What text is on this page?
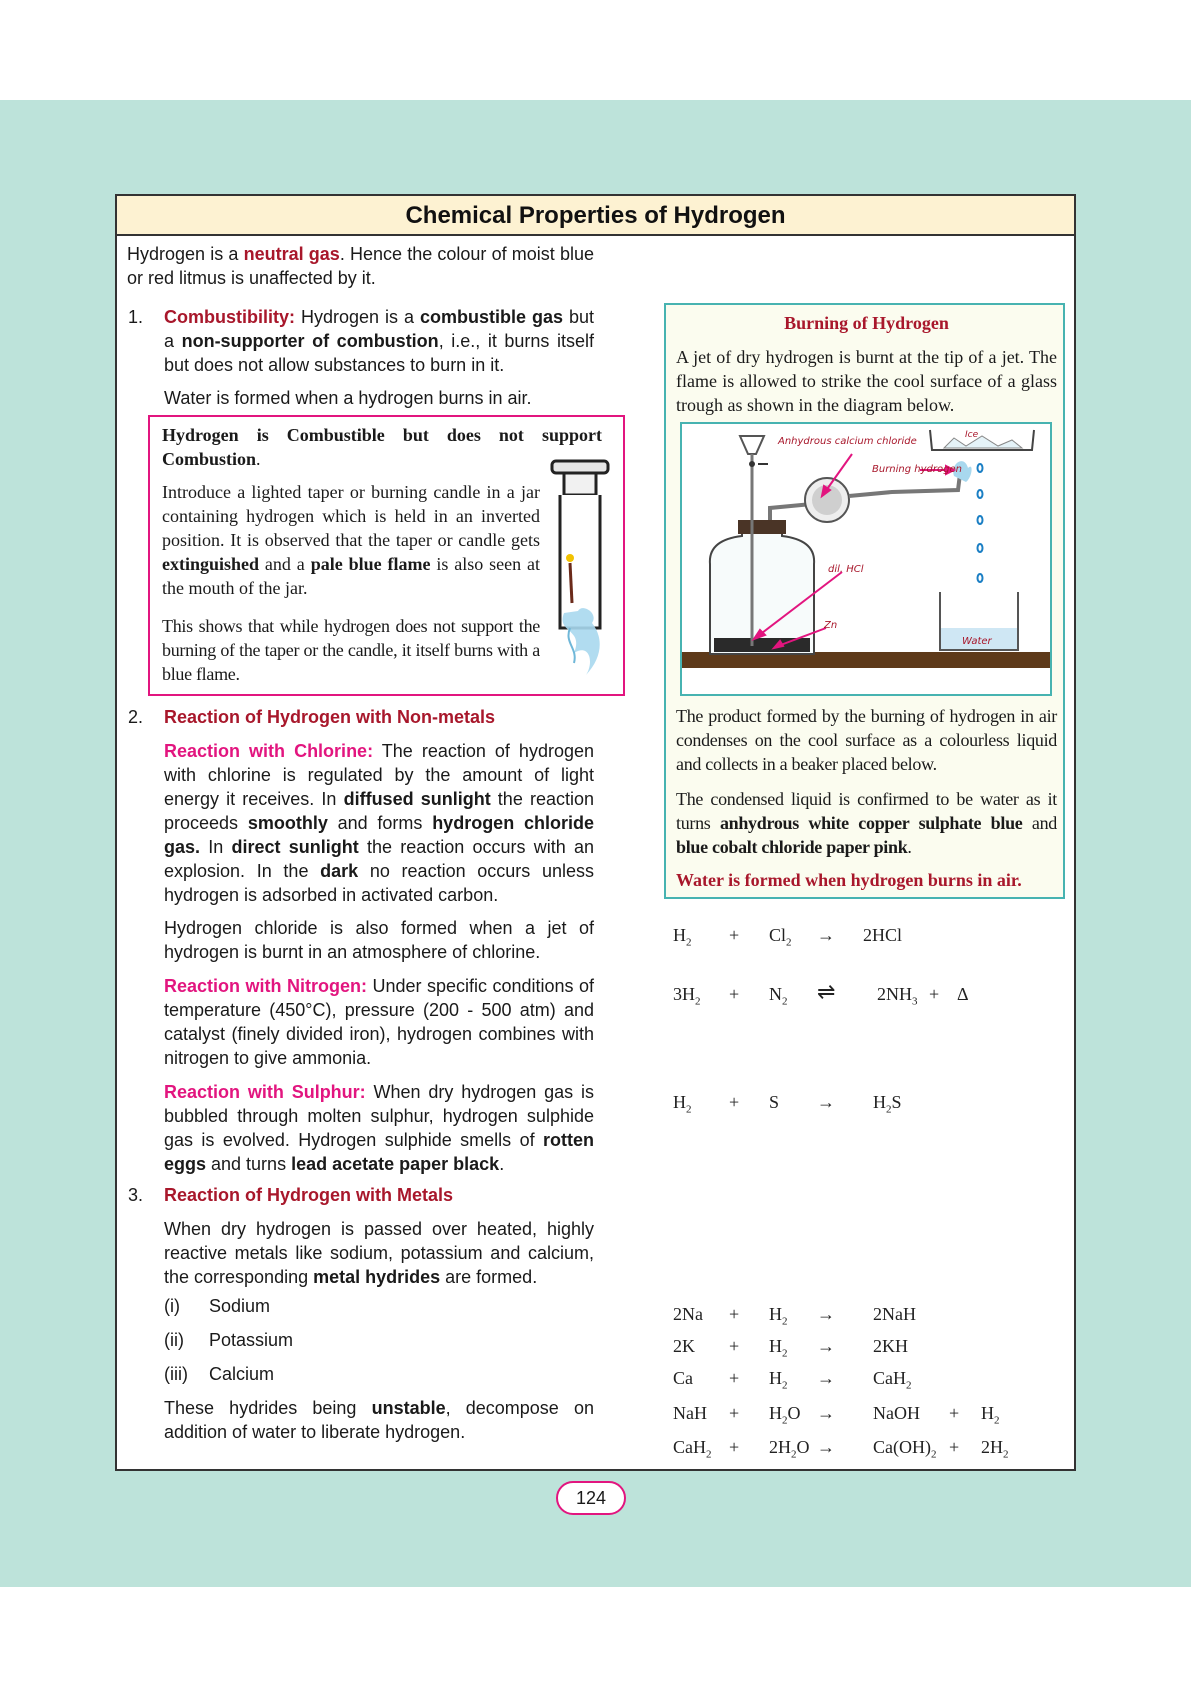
Chemical Properties of Hydrogen
Hydrogen is a neutral gas. Hence the colour of moist blue or red litmus is unaffected by it.
1. Combustibility: Hydrogen is a combustible gas but a non-supporter of combustion, i.e., it burns itself but does not allow substances to burn in it.
Water is formed when a hydrogen burns in air.
Hydrogen is Combustible but does not support Combustion.
Introduce a lighted taper or burning candle in a jar containing hydrogen which is held in an inverted position. It is observed that the taper or candle gets extinguished and a pale blue flame is also seen at the mouth of the jar.
This shows that while hydrogen does not support the burning of the taper or the candle, it itself burns with a blue flame.
2. Reaction of Hydrogen with Non-metals
Reaction with Chlorine: The reaction of hydrogen with chlorine is regulated by the amount of light energy it receives. In diffused sunlight the reaction proceeds smoothly and forms hydrogen chloride gas. In direct sunlight the reaction occurs with an explosion. In the dark no reaction occurs unless hydrogen is adsorbed in activated carbon.
Hydrogen chloride is also formed when a jet of hydrogen is burnt in an atmosphere of chlorine.
Reaction with Nitrogen: Under specific conditions of temperature (450°C), pressure (200 - 500 atm) and catalyst (finely divided iron), hydrogen combines with nitrogen to give ammonia.
Reaction with Sulphur: When dry hydrogen gas is bubbled through molten sulphur, hydrogen sulphide gas is evolved. Hydrogen sulphide smells of rotten eggs and turns lead acetate paper black.
3. Reaction of Hydrogen with Metals
When dry hydrogen is passed over heated, highly reactive metals like sodium, potassium and calcium, the corresponding metal hydrides are formed.
(i) Sodium
(ii) Potassium
(iii) Calcium
These hydrides being unstable, decompose on addition of water to liberate hydrogen.
Burning of Hydrogen
A jet of dry hydrogen is burnt at the tip of a jet. The flame is allowed to strike the cool surface of a glass trough as shown in the diagram below.
Ice
Anhydrous calcium chloride
Burning hydrogen
dil. HCl
Zn
Water
The product formed by the burning of hydrogen in air condenses on the cool surface as a colourless liquid and collects in a beaker placed below.
The condensed liquid is confirmed to be water as it turns anhydrous white copper sulphate blue and blue cobalt chloride paper pink.
Water is formed when hydrogen burns in air.
$H_2 + Cl_2 \to 2HCl$
$3H_2 + N_2$ ⇌ $2NH_3 + \Delta$
$H_2 + S \to H_2S$
$2Na + H_2 \to 2NaH$
$2K + H_2 \to 2KH$
$Ca + H_2 \to CaH_2$
NaH + $H_2O$ → NaOH + $H_2$
$CaH_2 + 2H_2O \to Ca(OH)_2 + 2H_2$
124
